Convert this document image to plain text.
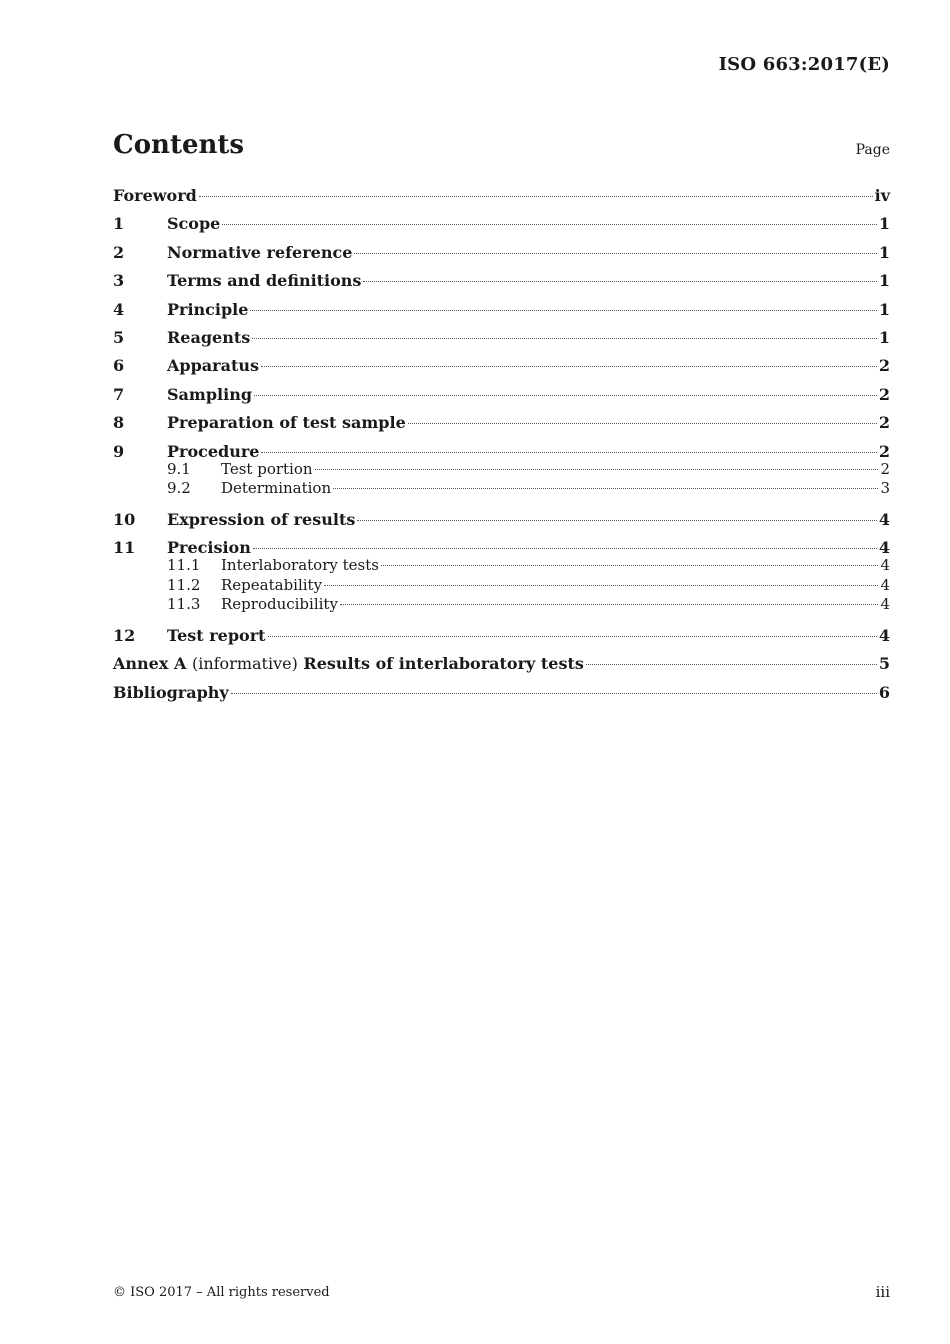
ISO 663:2017(E)
Contents	Page
Foreword	iv
1	Scope	1
2	Normative reference	1
3	Terms and definitions	1
4	Principle	1
5	Reagents	1
6	Apparatus	2
7	Sampling	2
8	Preparation of test sample	2
9	Procedure	2
9.1	Test portion	2
9.2	Determination	3
10	Expression of results	4
11	Precision	4
11.1	Interlaboratory tests	4
11.2	Repeatability	4
11.3	Reproducibility	4
12	Test report	4
Annex A (informative) Results of interlaboratory tests	5
Bibliography	6
© ISO 2017 – All rights reserved	iii
